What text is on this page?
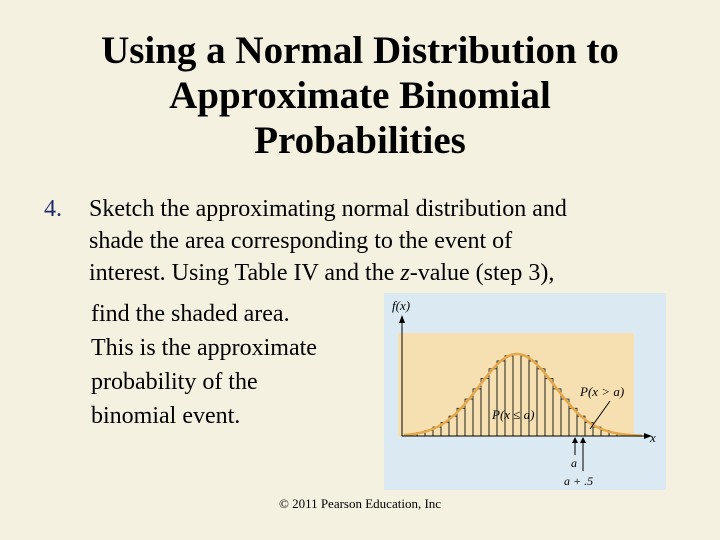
Using a Normal Distribution to
Approximate Binomial
Probabilities
4. Sketch the approximating normal distribution and
shade the area corresponding to the event of
interest. Using Table IV and the z-value (step 3),
find the shaded area.
This is the approximate
probability of the
binomial event.
f(x)
x
P(x > a)
P(x ≤ a)
a
a + .5
© 2011 Pearson Education, Inc
